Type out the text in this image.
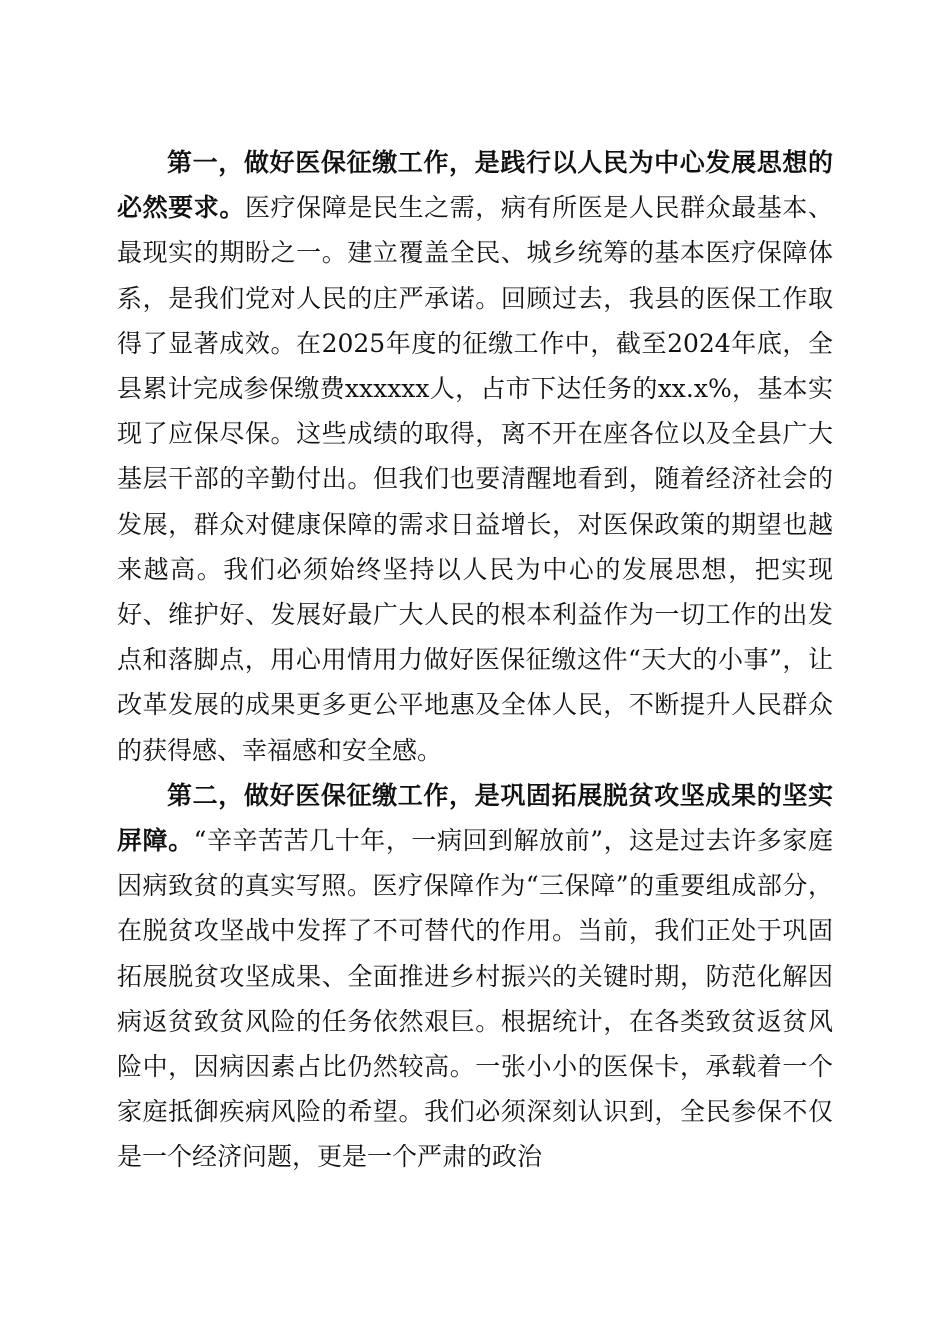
第一，做好医保征缴工作，是践行以人民为中心发展思想的必然要求。医疗保障是民生之需，病有所医是人民群众最基本、最现实的期盼之一。建立覆盖全民、城乡统筹的基本医疗保障体系，是我们党对人民的庄严承诺。回顾过去，我县的医保工作取得了显著成效。在2025年度的征缴工作中，截至2024年底，全县累计完成参保缴费xxxxxx人，占市下达任务的xx.x%，基本实现了应保尽保。这些成绩的取得，离不开在座各位以及全县广大基层干部的辛勤付出。但我们也要清醒地看到，随着经济社会的发展，群众对健康保障的需求日益增长，对医保政策的期望也越来越高。我们必须始终坚持以人民为中心的发展思想，把实现好、维护好、发展好最广大人民的根本利益作为一切工作的出发点和落脚点，用心用情用力做好医保征缴这件“天大的小事”，让改革发展的成果更多更公平地惠及全体人民，不断提升人民群众的获得感、幸福感和安全感。

第二，做好医保征缴工作，是巩固拓展脱贫攻坚成果的坚实屏障。“辛辛苦苦几十年，一病回到解放前”，这是过去许多家庭因病致贫的真实写照。医疗保障作为“三保障”的重要组成部分，在脱贫攻坚战中发挥了不可替代的作用。当前，我们正处于巩固拓展脱贫攻坚成果、全面推进乡村振兴的关键时期，防范化解因病返贫致贫风险的任务依然艰巨。根据统计，在各类致贫返贫风险中，因病因素占比仍然较高。一张小小的医保卡，承载着一个家庭抵御疾病风险的希望。我们必须深刻认识到，全民参保不仅是一个经济问题，更是一个严肃的政治
